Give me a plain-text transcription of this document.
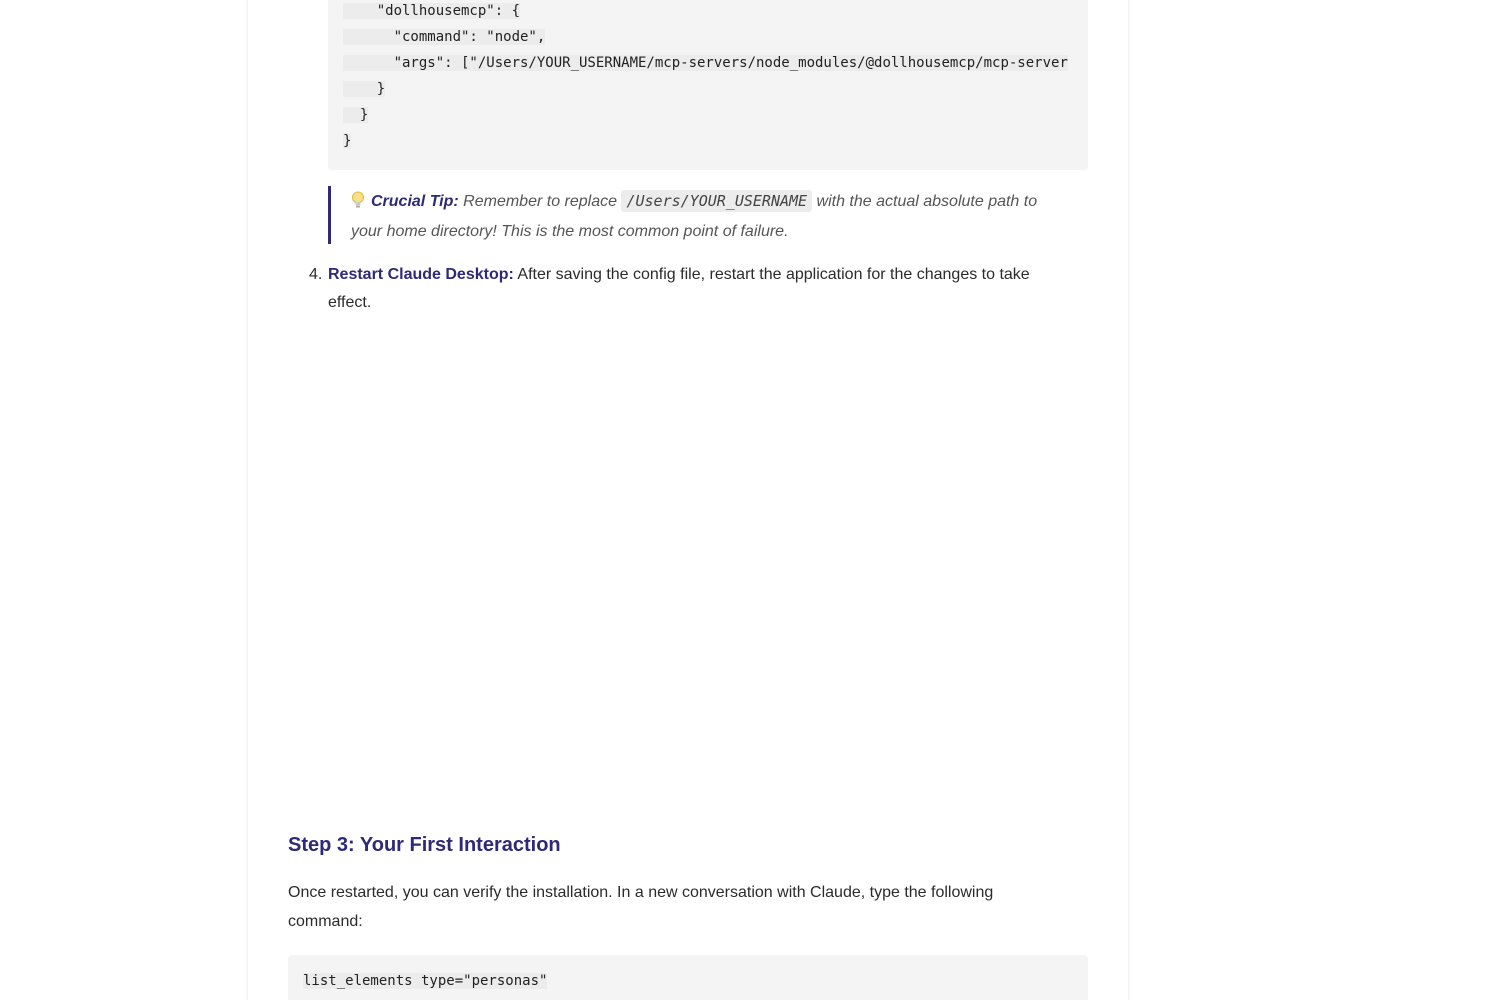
"dollhousemcp": {
"command": "node",
"args": ["/Users/YOUR_USERNAME/mcp-servers/node_modules/@dollhousemcp/mcp-server
}
}
}
Crucial Tip: Remember to replace /Users/YOUR_USERNAME with the actual absolute path to your home directory! This is the most common point of failure.
4. Restart Claude Desktop: After saving the config file, restart the application for the changes to take effect.
Step 3: Your First Interaction

Once restarted, you can verify the installation. In a new conversation with Claude, type the following command:

list_elements type="personas"
